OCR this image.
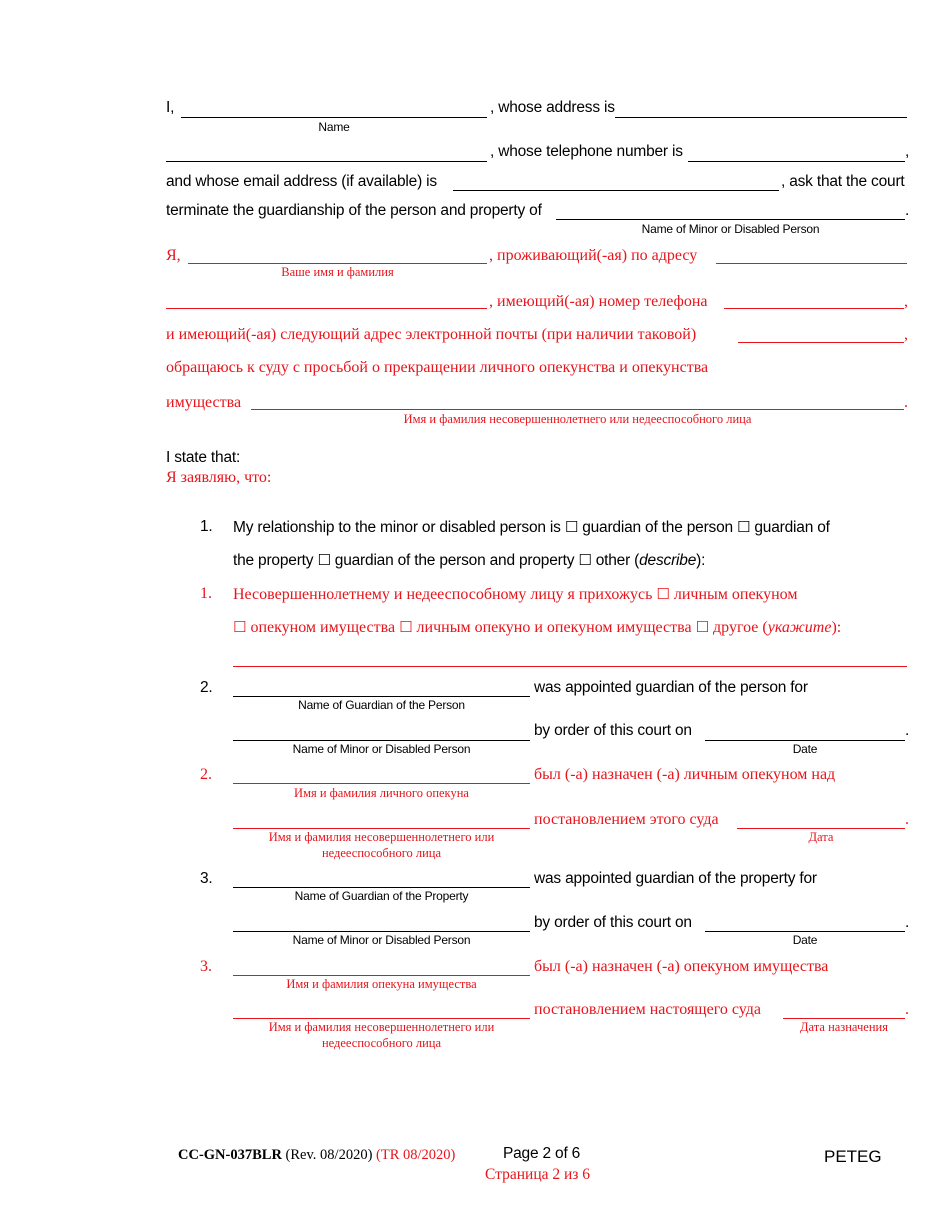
I,	, whose address is
Name
, whose telephone number is	,
and whose email address (if available) is	, ask that the court
terminate the guardianship of the person and property of	.
Name of Minor or Disabled Person
Я,	, проживающий(-ая) по адресу
Ваше имя и фамилия
, имеющий(-ая) номер телефона	,
и имеющий(-ая) следующий адрес электронной почты (при наличии таковой)	,
обращаюсь к суду с просьбой о прекращении личного опекунства и опекунства
имущества	.
Имя и фамилия несовершеннолетнего или недееспособного лица
I state that:
Я заявляю, что:
1. My relationship to the minor or disabled person is ☐ guardian of the person ☐ guardian of
the property ☐ guardian of the person and property ☐ other (describe):
1. Несовершеннолетнему и недееспособному лицу я прихожусь ☐ личным опекуном
☐ опекуном имущества ☐ личным опекуно и опекуном имущества ☐ другое (укажите):
2.	was appointed guardian of the person for
Name of Guardian of the Person
by order of this court on	.
Name of Minor or Disabled Person	Date
2.	был (-а) назначен (-а) личным опекуном над
Имя и фамилия личного опекуна
постановлением этого суда	.
Имя и фамилия несовершеннолетнего или
недееспособного лица
Дата
3.	was appointed guardian of the property for
Name of Guardian of the Property
by order of this court on	.
Name of Minor or Disabled Person	Date
3.	был (-а) назначен (-а) опекуном имущества
Имя и фамилия опекуна имущества
постановлением настоящего суда	.
Имя и фамилия несовершеннолетнего или
недееспособного лица
Дата назначения
CC-GN-037BLR (Rev. 08/2020) (TR 08/2020)	Page 2 of 6
Страница 2 из 6
PETEG
